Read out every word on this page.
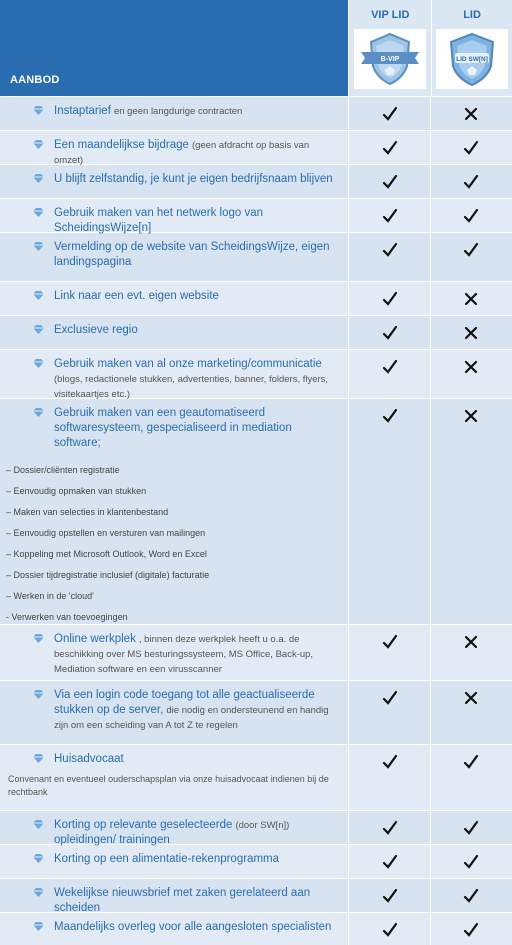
AANBOD
VIP LID
B-VIP
LID
LID SW[N]
Instaptarief en geen langdurige contracten
Een maandelijkse bijdrage (geen afdracht op basis van omzet)
U blijft zelfstandig, je kunt je eigen bedrijfsnaam blijven
Gebruik maken van het netwerk logo van ScheidingsWijze[n]
Vermelding op de website van ScheidingsWijze, eigen landingspagina
Link naar een evt. eigen website
Exclusieve regio
Gebruik maken van al onze marketing/communicatie (blogs, redactionele stukken, advertenties, banner, folders, flyers, visitekaartjes etc.)
Gebruik maken van een geautomatiseerd softwaresysteem, gespecialiseerd in mediation software;
– Dossier/cliënten registratie
– Eenvoudig opmaken van stukken
– Maken van selecties in klantenbestand
– Eenvoudig opstellen en versturen van mailingen
– Koppeling met Microsoft Outlook, Word en Excel
– Dossier tijdregistratie inclusief (digitale) facturatie
– Werken in de 'cloud'
- Verwerken van toevoegingen
Online werkplek , binnen deze werkplek heeft u o.a. de beschikking over MS besturingssysteem, MS Office, Back-up, Mediation software en een virusscanner
Via een login code toegang tot alle geactualiseerde stukken op de server, die nodig en ondersteunend en handig zijn om een scheiding van A tot Z te regelen
Huisadvocaat
Convenant en eventueel ouderschapsplan via onze huisadvocaat indienen bij de rechtbank
Korting op relevante geselecteerde (door SW[n]) opleidingen/ trainingen
Korting op een alimentatie-rekenprogramma
Wekelijkse nieuwsbrief met zaken gerelateerd aan scheiden
Maandelijks overleg voor alle aangesloten specialisten
